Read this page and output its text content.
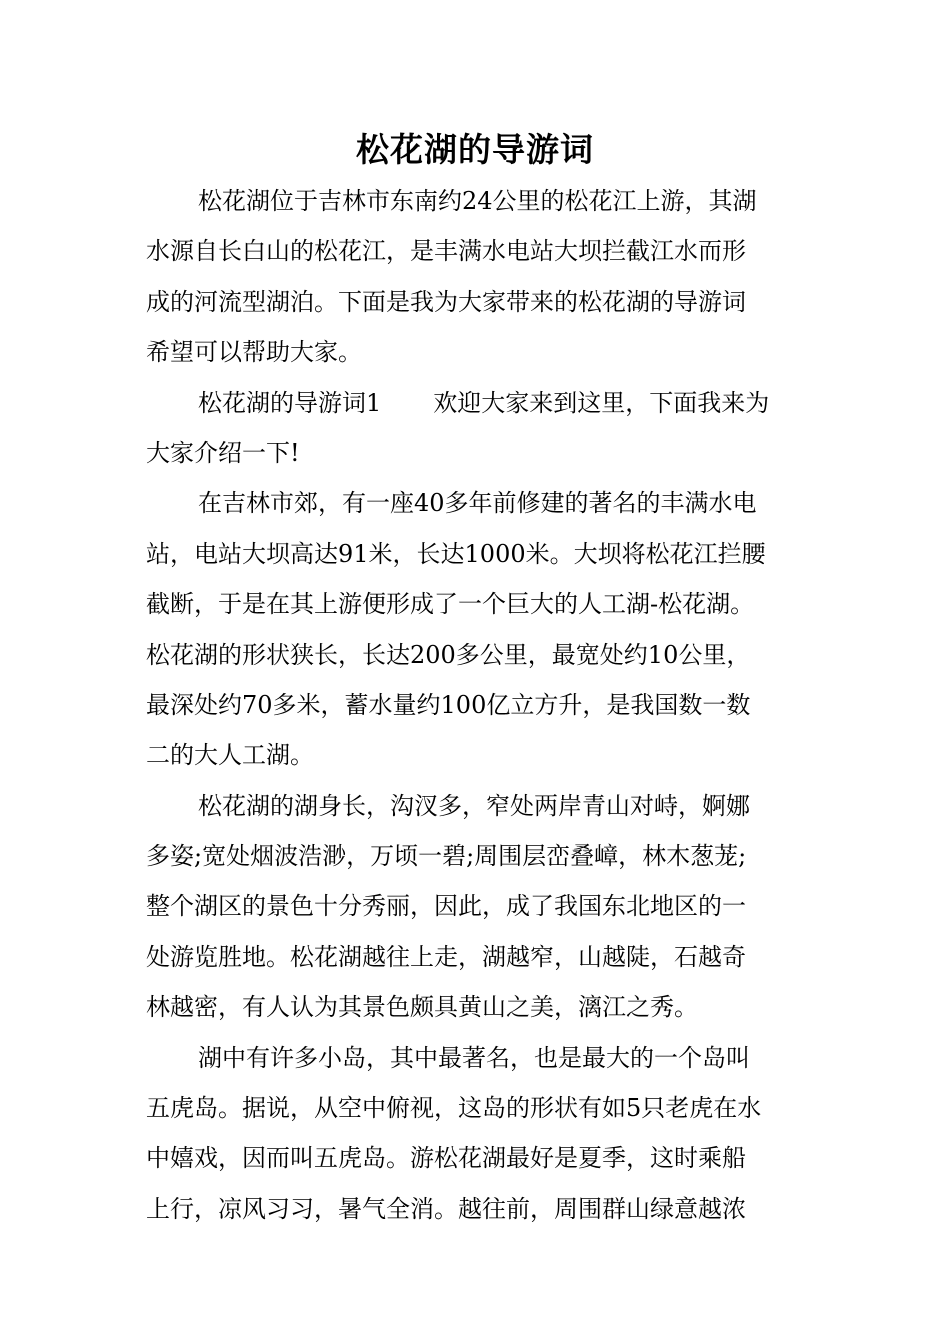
松花湖的导游词
松花湖位于吉林市东南约24公里的松花江上游，其湖
水源自长白山的松花江，是丰满水电站大坝拦截江水而形
成的河流型湖泊。下面是我为大家带来的松花湖的导游词
希望可以帮助大家。
松花湖的导游词1 欢迎大家来到这里，下面我来为
大家介绍一下!
在吉林市郊，有一座40多年前修建的著名的丰满水电
站，电站大坝高达91米，长达1000米。大坝将松花江拦腰
截断，于是在其上游便形成了一个巨大的人工湖-松花湖。
松花湖的形状狭长，长达200多公里，最宽处约10公里，
最深处约70多米，蓄水量约100亿立方升，是我国数一数
二的大人工湖。
松花湖的湖身长，沟汊多，窄处两岸青山对峙，婀娜
多姿;宽处烟波浩渺，万顷一碧;周围层峦叠嶂，林木葱茏;
整个湖区的景色十分秀丽，因此，成了我国东北地区的一
处游览胜地。松花湖越往上走，湖越窄，山越陡，石越奇
林越密，有人认为其景色颇具黄山之美，漓江之秀。
湖中有许多小岛，其中最著名，也是最大的一个岛叫
五虎岛。据说，从空中俯视，这岛的形状有如5只老虎在水
中嬉戏，因而叫五虎岛。游松花湖最好是夏季，这时乘船
上行，凉风习习，暑气全消。越往前，周围群山绿意越浓
